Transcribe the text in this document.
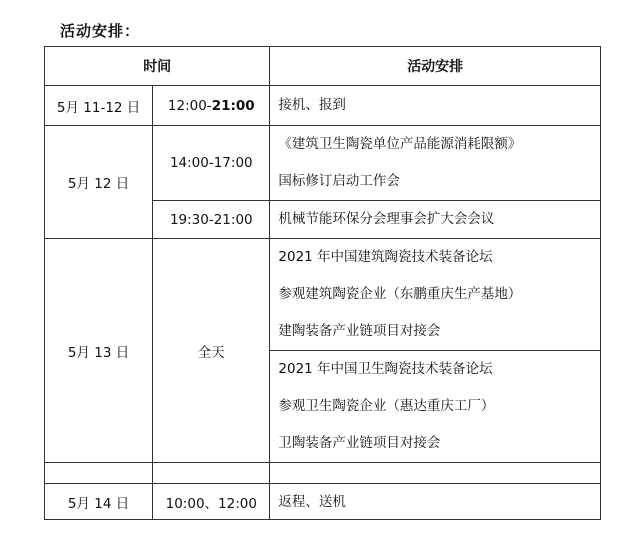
活动安排：
时间		活动安排
5月 11-12 日	12:00-21:00	接机、报到

5月 12 日	14:00-17:00	《建筑卫生陶瓷单位产品能源消耗限额》
国标修订启动工作会

	19:30-21:00	机械节能环保分会理事会扩大会会议

5月 13 日	全天	2021 年中国建筑陶瓷技术装备论坛
参观建筑陶瓷企业（东鹏重庆生产基地）
建陶装备产业链项目对接会

		2021 年中国卫生陶瓷技术装备论坛
参观卫生陶瓷企业（惠达重庆工厂）
卫陶装备产业链项目对接会

5月 14 日	10:00、12:00	返程、送机
